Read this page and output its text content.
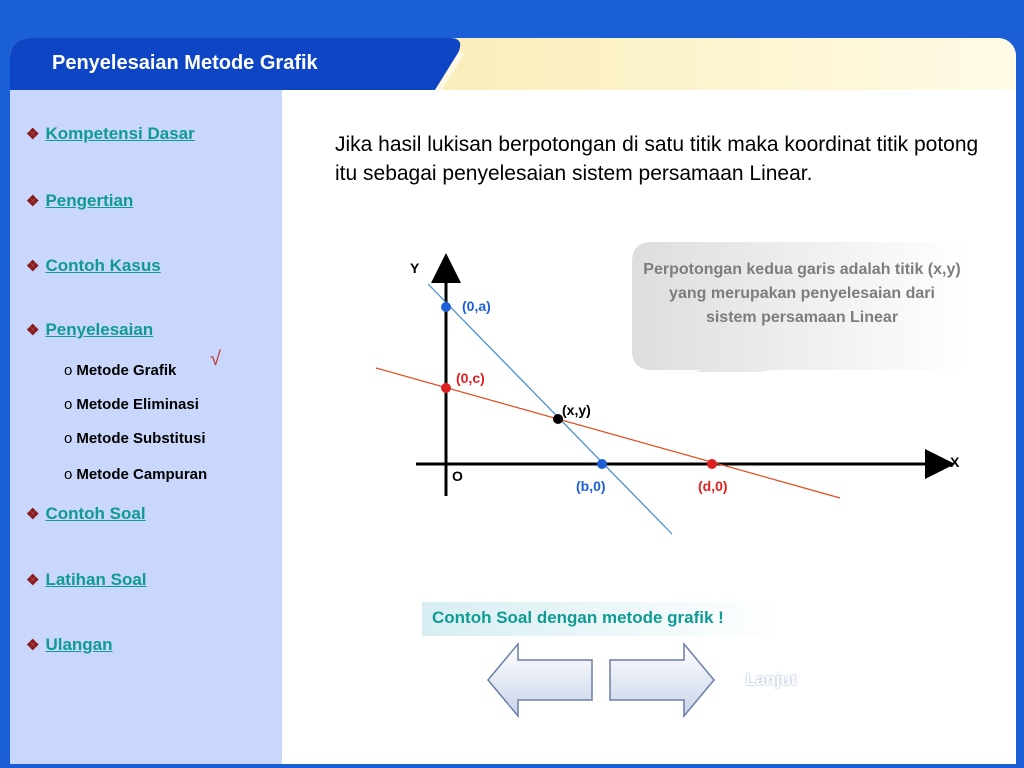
Penyelesaian Metode Grafik
❖ Kompetensi Dasar
❖ Pengertian
❖ Contoh Kasus
❖ Penyelesaian
o Metode Grafik
o Metode Eliminasi
o Metode Substitusi
o Metode Campuran
√
❖ Contoh Soal
❖ Latihan Soal
❖ Ulangan
Jika hasil lukisan berpotongan di satu titik maka koordinat titik potong itu sebagai penyelesaian sistem persamaan Linear.
Perpotongan kedua garis adalah titik (x,y) yang merupakan penyelesaian dari sistem persamaan Linear
Y
X
O
(0,a)
(0,c)
(x,y)
(b,0)	(d,0)
Contoh Soal dengan metode grafik !
Lanjut
